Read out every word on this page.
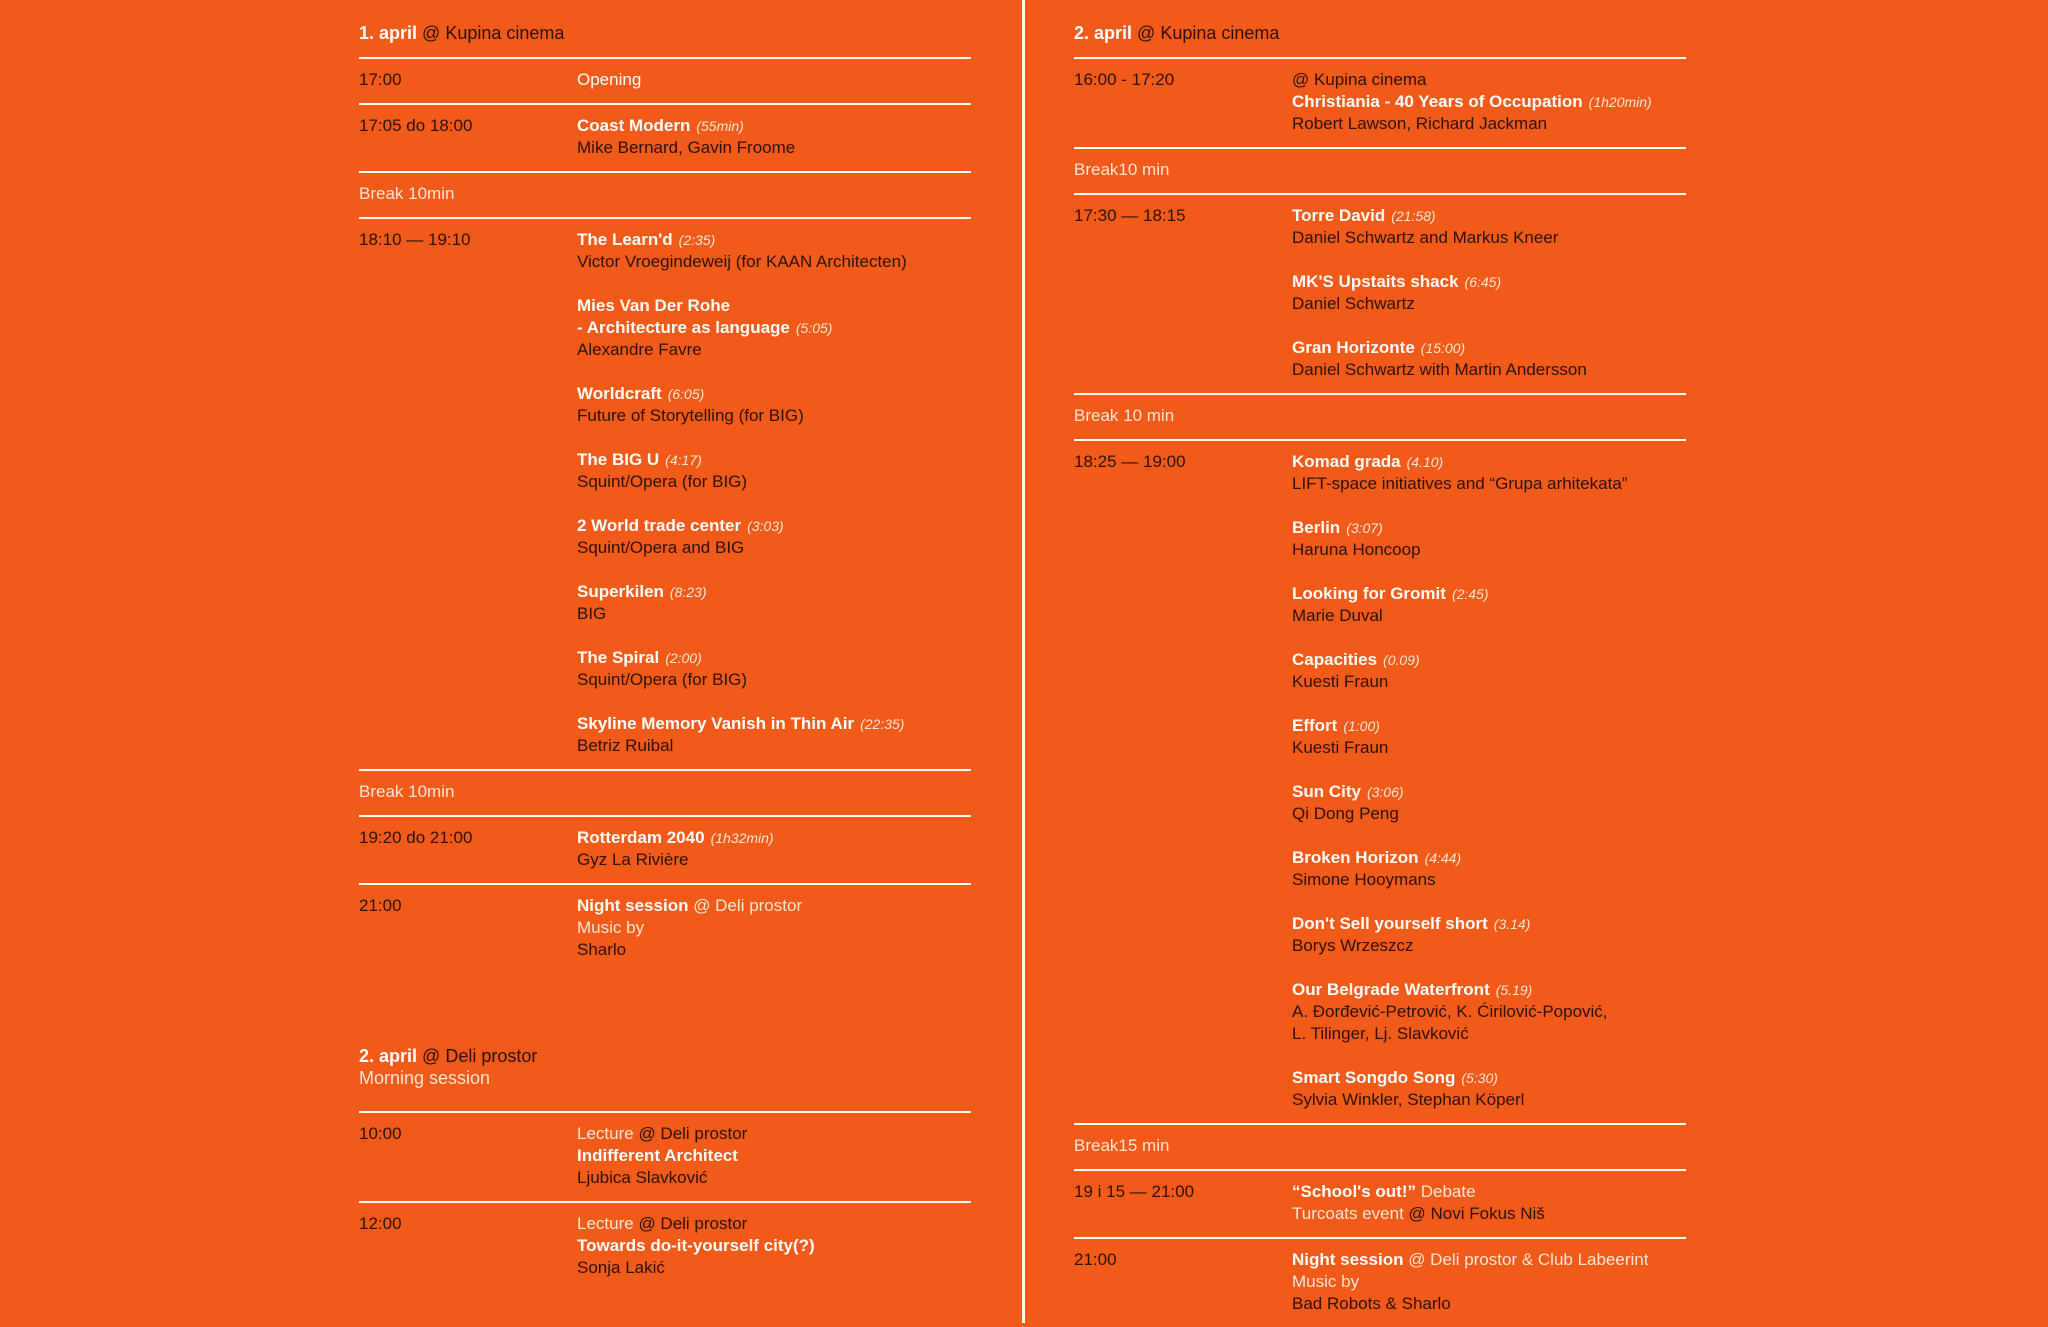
1. april @ Kupina cinema
17:00	Opening
17:05 do 18:00	Coast Modern (55min)
Mike Bernard, Gavin Froome
Break 10min
18:10 — 19:10	The Learn'd (2:35)
Victor Vroegindeweij (for KAAN Architecten)
Mies Van Der Rohe
- Architecture as language (5:05)
Alexandre Favre
Worldcraft (6:05)
Future of Storytelling (for BIG)
The BIG U (4:17)
Squint/Opera (for BIG)
2 World trade center (3:03)
Squint/Opera and BIG
Superkilen (8:23)
BIG
The Spiral (2:00)
Squint/Opera (for BIG)
Skyline Memory Vanish in Thin Air (22:35)
Betriz Ruibal
Break 10min
19:20 do 21:00	Rotterdam 2040 (1h32min)
Gyz La Rivière
21:00	Night session @ Deli prostor
Music by
Sharlo
2. april @ Deli prostor
Morning session
10:00	Lecture @ Deli prostor
Indifferent Architect
Ljubica Slavković
12:00	Lecture @ Deli prostor
Towards do-it-yourself city(?)
Sonja Lakić
2. april @ Kupina cinema
16:00 - 17:20	@ Kupina cinema
Christiania - 40 Years of Occupation (1h20min)
Robert Lawson, Richard Jackman
Break10 min
17:30 — 18:15	Torre David (21:58)
Daniel Schwartz and Markus Kneer
MK'S Upstaits shack (6:45)
Daniel Schwartz
Gran Horizonte (15:00)
Daniel Schwartz with Martin Andersson
Break 10 min
18:25 — 19:00	Komad grada (4.10)
LIFT-space initiatives and “Grupa arhitekata”
Berlin (3:07)
Haruna Honcoop
Looking for Gromit (2:45)
Marie Duval
Capacities (0.09)
Kuesti Fraun
Effort (1:00)
Kuesti Fraun
Sun City (3:06)
Qi Dong Peng
Broken Horizon (4:44)
Simone Hooymans
Don't Sell yourself short (3.14)
Borys Wrzeszcz
Our Belgrade Waterfront (5.19)
A. Đorđević-Petrović, K. Ćirilović-Popović,
L. Tilinger, Lj. Slavković
Smart Songdo Song (5:30)
Sylvia Winkler, Stephan Köperl
Break15 min
19 i 15 — 21:00	“School's out!” Debate
Turcoats event @ Novi Fokus Niš
21:00	Night session @ Deli prostor & Club Labeerint
Music by
Bad Robots & Sharlo
